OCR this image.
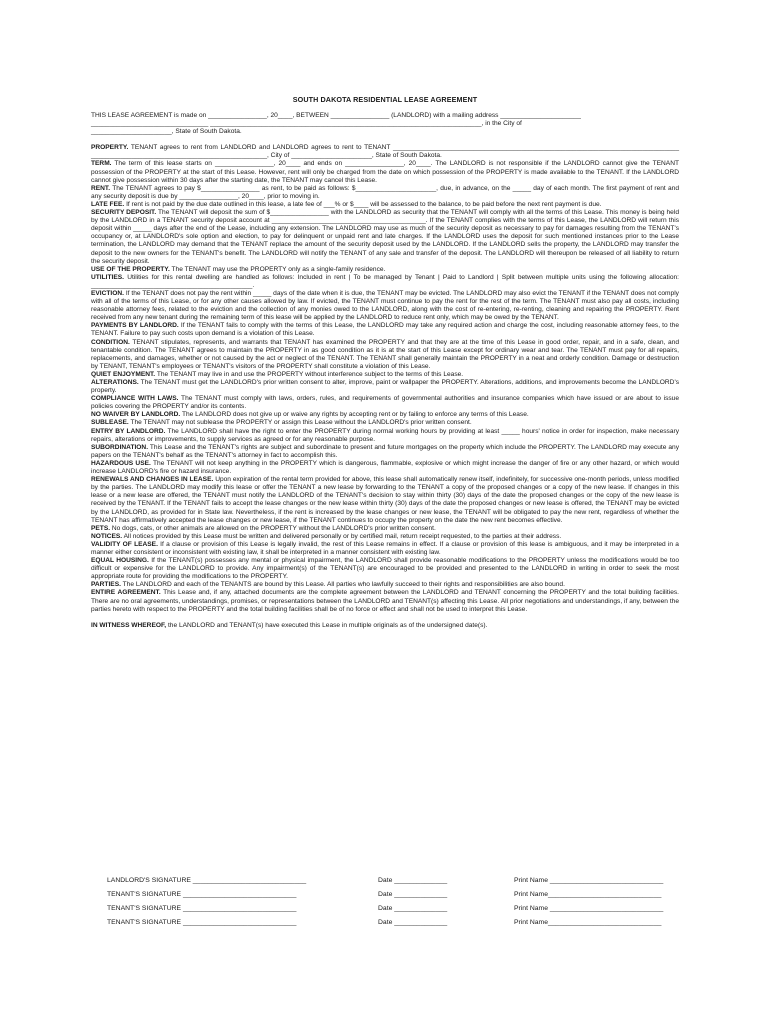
SOUTH DAKOTA RESIDENTIAL LEASE AGREEMENT

THIS LEASE AGREEMENT is made on ________________, 20____, BETWEEN ________________ (LANDLORD) with a mailing address ______________________

________________________________ __________________________________________________________________________, in the City of

______________________, State of South Dakota.

PROPERTY. TENANT agrees to rent from LANDLORD and LANDLORD agrees to rent to TENANT ______________________________________________________________________________ ________________________________________________, City of ______________________, State of South Dakota.

TERM. The term of this lease starts on ________________, 20____ and ends on ________________, 20____. The LANDLORD is not responsible if the LANDLORD cannot give the TENANT possession of the PROPERTY at the start of this Lease. However, rent will only be charged from the date on which possession of the PROPERTY is made available to the TENANT. If the LANDLORD cannot give possession within 30 days after the starting date, the TENANT may cancel this Lease.

RENT. The TENANT agrees to pay $________________ as rent, to be paid as follows: $______________________, due, in advance, on the _____ day of each month. The first payment of rent and any security deposit is due by ________________, 20____, prior to moving in.

LATE FEE. If rent is not paid by the due date outlined in this lease, a late fee of ___% or $____ will be assessed to the balance, to be paid before the next rent payment is due.

SECURITY DEPOSIT. The TENANT will deposit the sum of $________________ with the LANDLORD as security that the TENANT will comply with all the terms of this Lease. This money is being held by the LANDLORD in a TENANT security deposit account at __________________________________________. If the TENANT complies with the terms of this Lease, the LANDLORD will return this deposit within _____ days after the end of the Lease, including any extension. The LANDLORD may use as much of the security deposit as necessary to pay for damages resulting from the TENANT's occupancy or, at LANDLORD's sole option and election, to pay for delinquent or unpaid rent and late charges. If the LANDLORD uses the deposit for such mentioned instances prior to the Lease termination, the LANDLORD may demand that the TENANT replace the amount of the security deposit used by the LANDLORD. If the LANDLORD sells the property, the LANDLORD may transfer the deposit to the new owners for the TENANT's benefit. The LANDLORD will notify the TENANT of any sale and transfer of the deposit. The LANDLORD will thereupon be released of all liability to return the security deposit.

USE OF THE PROPERTY. The TENANT may use the PROPERTY only as a single-family residence.

UTILITIES. Utilities for this rental dwelling are handled as follows: Included in rent | To be managed by Tenant | Paid to Landlord | Split between multiple units using the following allocation: ____________________________________________.

EVICTION. If the TENANT does not pay the rent within _____ days of the date when it is due, the TENANT may be evicted. The LANDLORD may also evict the TENANT if the TENANT does not comply with all of the terms of this Lease, or for any other causes allowed by law. If evicted, the TENANT must continue to pay the rent for the rest of the term. The TENANT must also pay all costs, including reasonable attorney fees, related to the eviction and the collection of any monies owed to the LANDLORD, along with the cost of re-entering, re-renting, cleaning and repairing the PROPERTY. Rent received from any new tenant during the remaining term of this lease will be applied by the LANDLORD to reduce rent only, which may be owed by the TENANT.

PAYMENTS BY LANDLORD. If the TENANT fails to comply with the terms of this Lease, the LANDLORD may take any required action and charge the cost, including reasonable attorney fees, to the TENANT. Failure to pay such costs upon demand is a violation of this Lease.

CONDITION. TENANT stipulates, represents, and warrants that TENANT has examined the PROPERTY and that they are at the time of this Lease in good order, repair, and in a safe, clean, and tenantable condition. The TENANT agrees to maintain the PROPERTY in as good condition as it is at the start of this Lease except for ordinary wear and tear. The TENANT must pay for all repairs, replacements, and damages, whether or not caused by the act or neglect of the TENANT. The TENANT shall generally maintain the PROPERTY in a neat and orderly condition. Damage or destruction by TENANT, TENANT's employees or TENANT's visitors of the PROPERTY shall constitute a violation of this Lease.

QUIET ENJOYMENT. The TENANT may live in and use the PROPERTY without interference subject to the terms of this Lease.

ALTERATIONS. The TENANT must get the LANDLORD's prior written consent to alter, improve, paint or wallpaper the PROPERTY. Alterations, additions, and improvements become the LANDLORD's property.

COMPLIANCE WITH LAWS. The TENANT must comply with laws, orders, rules, and requirements of governmental authorities and insurance companies which have issued or are about to issue policies covering the PROPERTY and/or its contents.

NO WAIVER BY LANDLORD. The LANDLORD does not give up or waive any rights by accepting rent or by failing to enforce any terms of this Lease.

SUBLEASE. The TENANT may not sublease the PROPERTY or assign this Lease without the LANDLORD's prior written consent.

ENTRY BY LANDLORD. The LANDLORD shall have the right to enter the PROPERTY during normal working hours by providing at least _____ hours' notice in order for inspection, make necessary repairs, alterations or improvements, to supply services as agreed or for any reasonable purpose.

SUBORDINATION. This Lease and the TENANT's rights are subject and subordinate to present and future mortgages on the property which include the PROPERTY. The LANDLORD may execute any papers on the TENANT's behalf as the TENANT's attorney in fact to accomplish this.

HAZARDOUS USE. The TENANT will not keep anything in the PROPERTY which is dangerous, flammable, explosive or which might increase the danger of fire or any other hazard, or which would increase LANDLORD's fire or hazard insurance.

RENEWALS AND CHANGES IN LEASE. Upon expiration of the rental term provided for above, this lease shall automatically renew itself, indefinitely, for successive one-month periods, unless modified by the parties. The LANDLORD may modify this lease or offer the TENANT a new lease by forwarding to the TENANT a copy of the proposed changes or a copy of the new lease. If changes in this lease or a new lease are offered, the TENANT must notify the LANDLORD of the TENANT's decision to stay within thirty (30) days of the date the proposed changes or the copy of the new lease is received by the TENANT. If the TENANT fails to accept the lease changes or the new lease within thirty (30) days of the date the proposed changes or new lease is offered, the TENANT may be evicted by the LANDLORD, as provided for in State law. Nevertheless, if the rent is increased by the lease changes or new lease, the TENANT will be obligated to pay the new rent, regardless of whether the TENANT has affirmatively accepted the lease changes or new lease, if the TENANT continues to occupy the property on the date the new rent becomes effective.

PETS. No dogs, cats, or other animals are allowed on the PROPERTY without the LANDLORD's prior written consent.

NOTICES. All notices provided by this Lease must be written and delivered personally or by certified mail, return receipt requested, to the parties at their address.

VALIDITY OF LEASE. If a clause or provision of this Lease is legally invalid, the rest of this Lease remains in effect. If a clause or provision of this lease is ambiguous, and it may be interpreted in a manner either consistent or inconsistent with existing law, it shall be interpreted in a manner consistent with existing law.

EQUAL HOUSING. If the TENANT(s) possesses any mental or physical impairment, the LANDLORD shall provide reasonable modifications to the PROPERTY unless the modifications would be too difficult or expensive for the LANDLORD to provide. Any impairment(s) of the TENANT(s) are encouraged to be provided and presented to the LANDLORD in writing in order to seek the most appropriate route for providing the modifications to the PROPERTY.

PARTIES. The LANDLORD and each of the TENANTS are bound by this Lease. All parties who lawfully succeed to their rights and responsibilities are also bound.

ENTIRE AGREEMENT. This Lease and, if any, attached documents are the complete agreement between the LANDLORD and TENANT concerning the PROPERTY and the total building facilities. There are no oral agreements, understandings, promises, or representations between the LANDLORD and TENANT(s) affecting this Lease. All prior negotiations and understandings, if any, between the parties hereto with respect to the PROPERTY and the total building facilities shall be of no force or effect and shall not be used to interpret this Lease.

IN WITNESS WHEREOF, the LANDLORD and TENANT(s) have executed this Lease in multiple originals as of the undersigned date(s).

LANDLORD'S SIGNATURE ______________________________	Date ______________	Print Name ______________________________
TENANT'S SIGNATURE ______________________________	Date ______________	Print Name______________________________
TENANT'S SIGNATURE ______________________________	Date ______________	Print Name ______________________________
TENANT'S SIGNATURE ______________________________	Date ______________	Print Name______________________________
